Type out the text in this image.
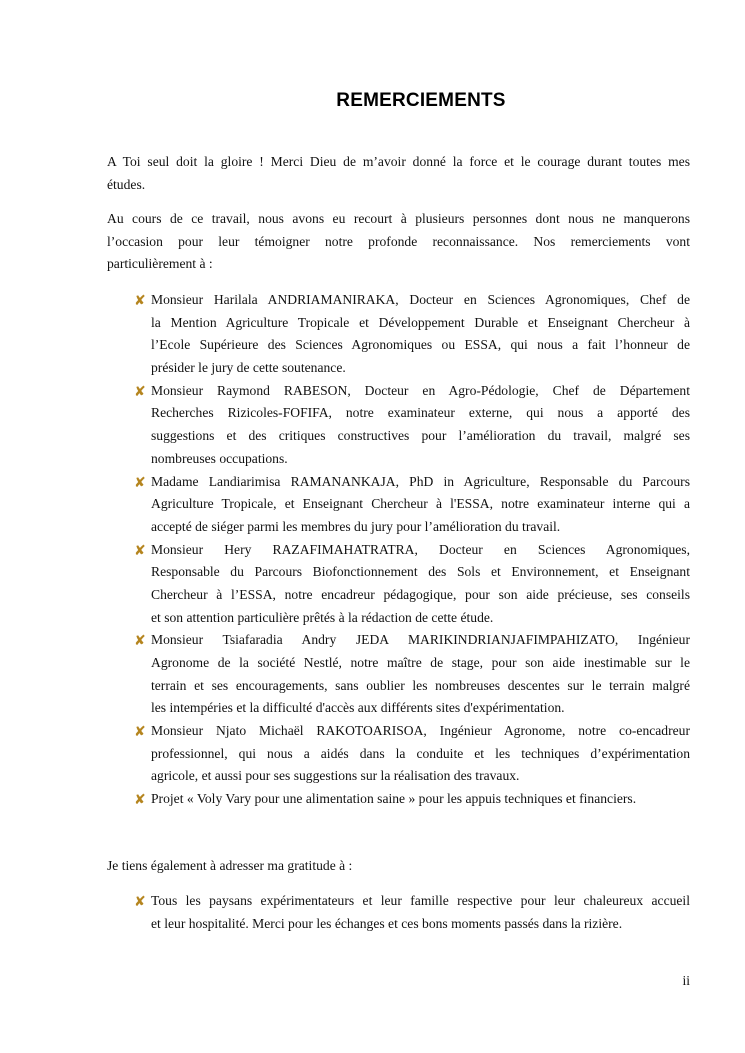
REMERCIEMENTS
A Toi seul doit la gloire ! Merci Dieu de m’avoir donné la force et le courage durant toutes mes
études.
Au cours de ce travail, nous avons eu recourt à plusieurs personnes dont nous ne manquerons
l’occasion pour leur témoigner notre profonde reconnaissance. Nos remerciements vont
particulièrement à :
✘ Monsieur Harilala ANDRIAMANIRAKA, Docteur en Sciences Agronomiques, Chef de
la Mention Agriculture Tropicale et Développement Durable et Enseignant Chercheur à
l’Ecole Supérieure des Sciences Agronomiques ou ESSA, qui nous a fait l’honneur de
présider le jury de cette soutenance.
✘ Monsieur Raymond RABESON, Docteur en Agro-Pédologie, Chef de Département
Recherches Rizicoles-FOFIFA, notre examinateur externe, qui nous a apporté des
suggestions et des critiques constructives pour l’amélioration du travail, malgré ses
nombreuses occupations.
✘ Madame Landiarimisa RAMANANKAJA, PhD in Agriculture, Responsable du Parcours
Agriculture Tropicale, et Enseignant Chercheur à l'ESSA, notre examinateur interne qui a
accepté de siéger parmi les membres du jury pour l’amélioration du travail.
✘ Monsieur Hery RAZAFIMAHATRATRA, Docteur en Sciences Agronomiques,
Responsable du Parcours Biofonctionnement des Sols et Environnement, et Enseignant
Chercheur à l’ESSA, notre encadreur pédagogique, pour son aide précieuse, ses conseils
et son attention particulière prêtés à la rédaction de cette étude.
✘ Monsieur Tsiafaradia Andry JEDA MARIKINDRIANJAFIMPAHIZATO, Ingénieur
Agronome de la société Nestlé, notre maître de stage, pour son aide inestimable sur le
terrain et ses encouragements, sans oublier les nombreuses descentes sur le terrain malgré
les intempéries et la difficulté d'accès aux différents sites d'expérimentation.
✘ Monsieur Njato Michaël RAKOTOARISOA, Ingénieur Agronome, notre co-encadreur
professionnel, qui nous a aidés dans la conduite et les techniques d’expérimentation
agricole, et aussi pour ses suggestions sur la réalisation des travaux.
✘ Projet « Voly Vary pour une alimentation saine » pour les appuis techniques et financiers.
Je tiens également à adresser ma gratitude à :
✘ Tous les paysans expérimentateurs et leur famille respective pour leur chaleureux accueil
et leur hospitalité. Merci pour les échanges et ces bons moments passés dans la rizière.
ii
